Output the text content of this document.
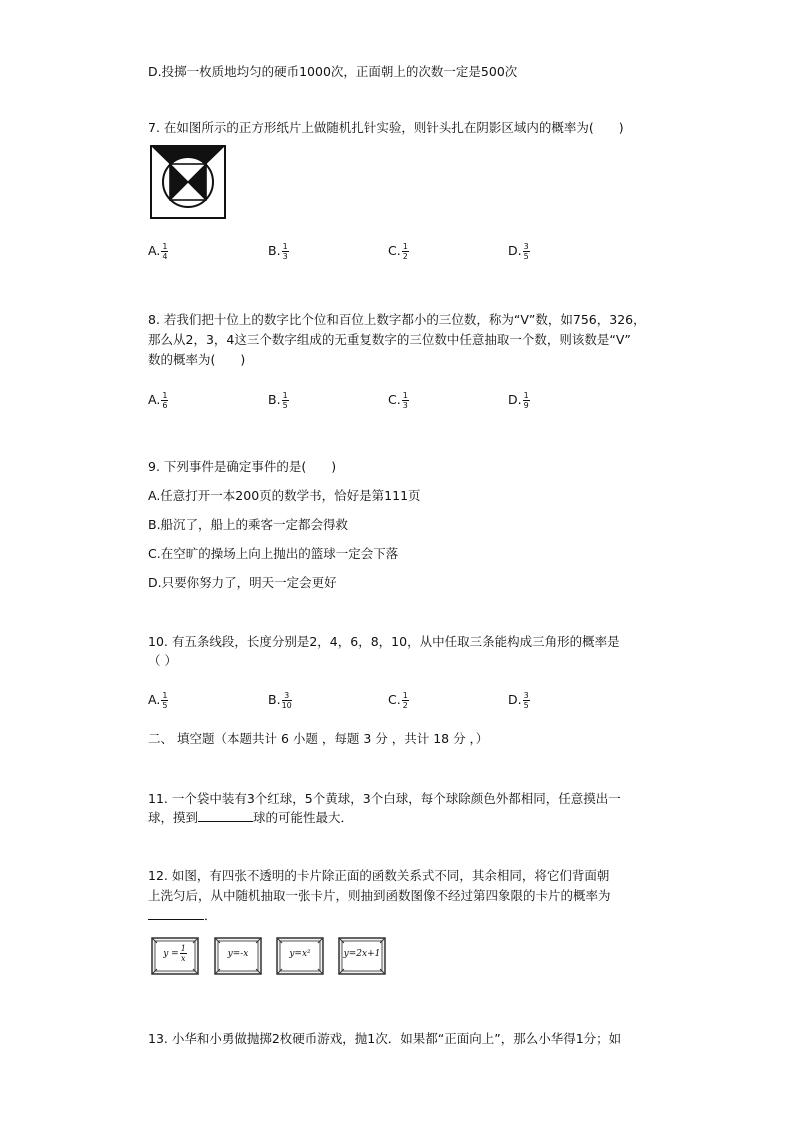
D.投掷一枚质地均匀的硬币1000次，正面朝上的次数一定是500次
7. 在如图所示的正方形纸片上做随机扎针实验，则针头扎在阴影区域内的概率为(　　)
A. $\frac{1}{4}$	B. $\frac{1}{3}$	C. $\frac{1}{2}$	D. $\frac{3}{5}$
8. 若我们把十位上的数字比个位和百位上数字都小的三位数，称为“V”数，如756，326，
那么从2，3，4这三个数字组成的无重复数字的三位数中任意抽取一个数，则该数是“V”
数的概率为(　　)
A. $\frac{1}{6}$	B. $\frac{1}{5}$	C. $\frac{1}{3}$	D. $\frac{1}{9}$
9. 下列事件是确定事件的是(　　)
A.任意打开一本200页的数学书，恰好是第111页
B.船沉了，船上的乘客一定都会得救
C.在空旷的操场上向上抛出的篮球一定会下落
D.只要你努力了，明天一定会更好
10. 有五条线段，长度分别是2，4，6，8，10，从中任取三条能构成三角形的概率是
（ ）
A. $\frac{1}{5}$	B. $\frac{3}{10}$	C. $\frac{1}{2}$	D. $\frac{3}{5}$
二、 填空题（本题共计 6 小题 ，每题 3 分 ，共计 18 分 ，）
11. 一个袋中装有3个红球，5个黄球，3个白球，每个球除颜色外都相同，任意摸出一
球，摸到	球的可能性最大．
12. 如图，有四张不透明的卡片除正面的函数关系式不同，其余相同，将它们背面朝
上洗匀后，从中随机抽取一张卡片，则抽到函数图像不经过第四象限的卡片的概率为
．
$y = \frac{1}{x}$	y=-x	y=x²	y=2x+1
13. 小华和小勇做抛掷2枚硬币游戏，抛1次．如果都“正面向上”，那么小华得1分；如
